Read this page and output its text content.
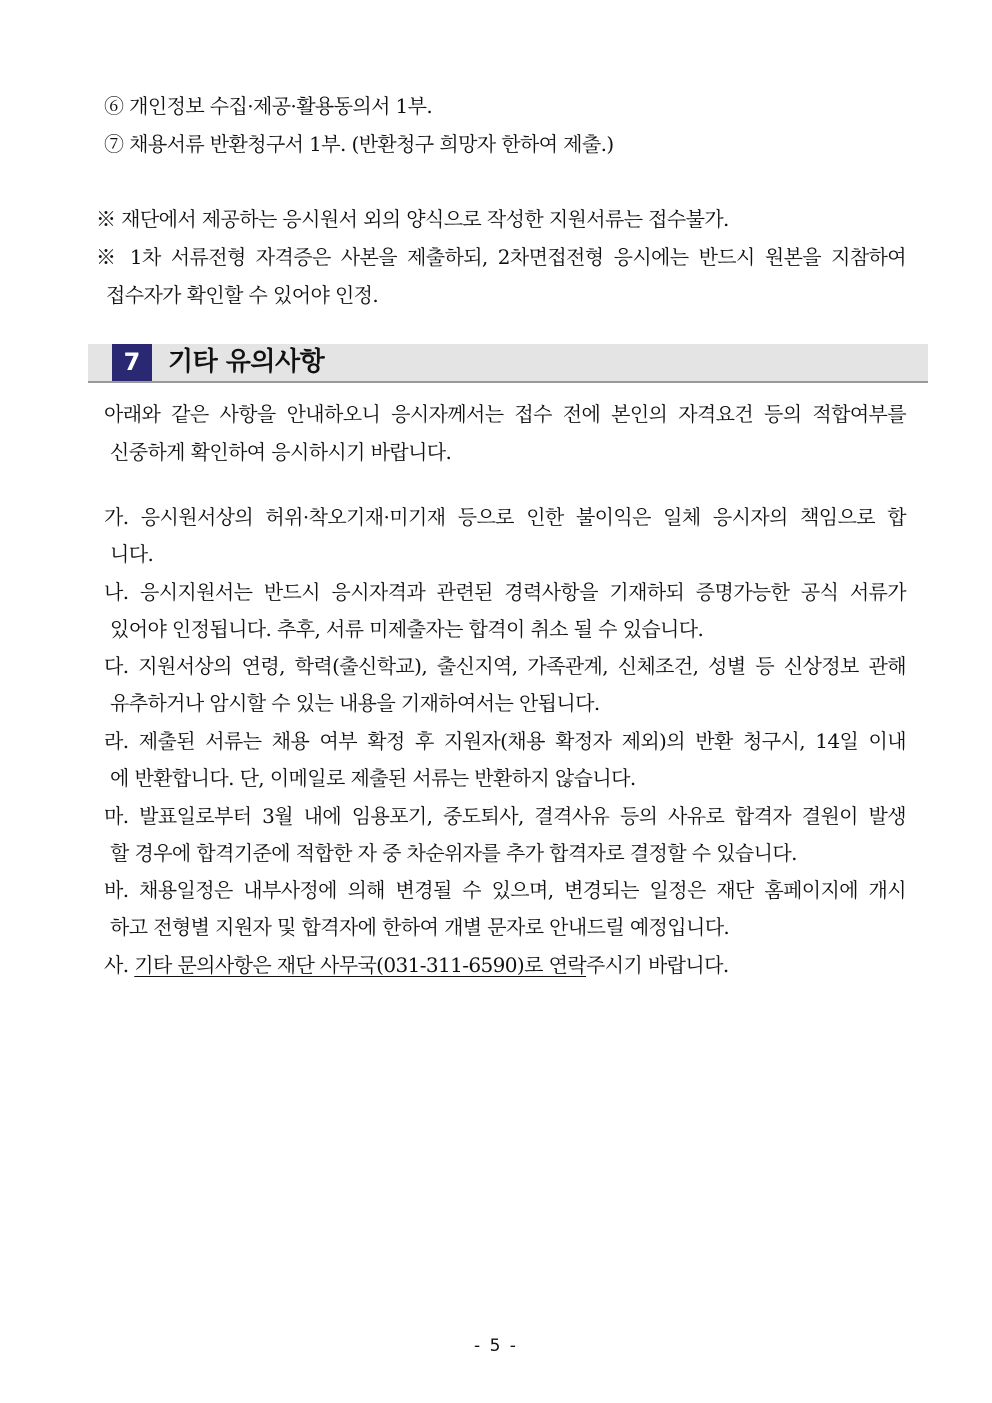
⑥ 개인정보 수집·제공·활용동의서 1부.
⑦ 채용서류 반환청구서 1부. (반환청구 희망자 한하여 제출.)
※ 재단에서 제공하는 응시원서 외의 양식으로 작성한 지원서류는 접수불가.
※ 1차 서류전형 자격증은 사본을 제출하되, 2차면접전형 응시에는 반드시 원본을 지참하여
접수자가 확인할 수 있어야 인정.
7	기타 유의사항
아래와 같은 사항을 안내하오니 응시자께서는 접수 전에 본인의 자격요건 등의 적합여부를
신중하게 확인하여 응시하시기 바랍니다.
가. 응시원서상의 허위·착오기재·미기재 등으로 인한 불이익은 일체 응시자의 책임으로 합
니다.
나. 응시지원서는 반드시 응시자격과 관련된 경력사항을 기재하되 증명가능한 공식 서류가
있어야 인정됩니다. 추후, 서류 미제출자는 합격이 취소 될 수 있습니다.
다. 지원서상의 연령, 학력(출신학교), 출신지역, 가족관계, 신체조건, 성별 등 신상정보 관해
유추하거나 암시할 수 있는 내용을 기재하여서는 안됩니다.
라. 제출된 서류는 채용 여부 확정 후 지원자(채용 확정자 제외)의 반환 청구시, 14일 이내
에 반환합니다. 단, 이메일로 제출된 서류는 반환하지 않습니다.
마. 발표일로부터 3월 내에 임용포기, 중도퇴사, 결격사유 등의 사유로 합격자 결원이 발생
할 경우에 합격기준에 적합한 자 중 차순위자를 추가 합격자로 결정할 수 있습니다.
바. 채용일정은 내부사정에 의해 변경될 수 있으며, 변경되는 일정은 재단 홈페이지에 개시
하고 전형별 지원자 및 합격자에 한하여 개별 문자로 안내드릴 예정입니다.
사. 기타 문의사항은 재단 사무국(031-311-6590)로 연락주시기 바랍니다.
- 5 -
